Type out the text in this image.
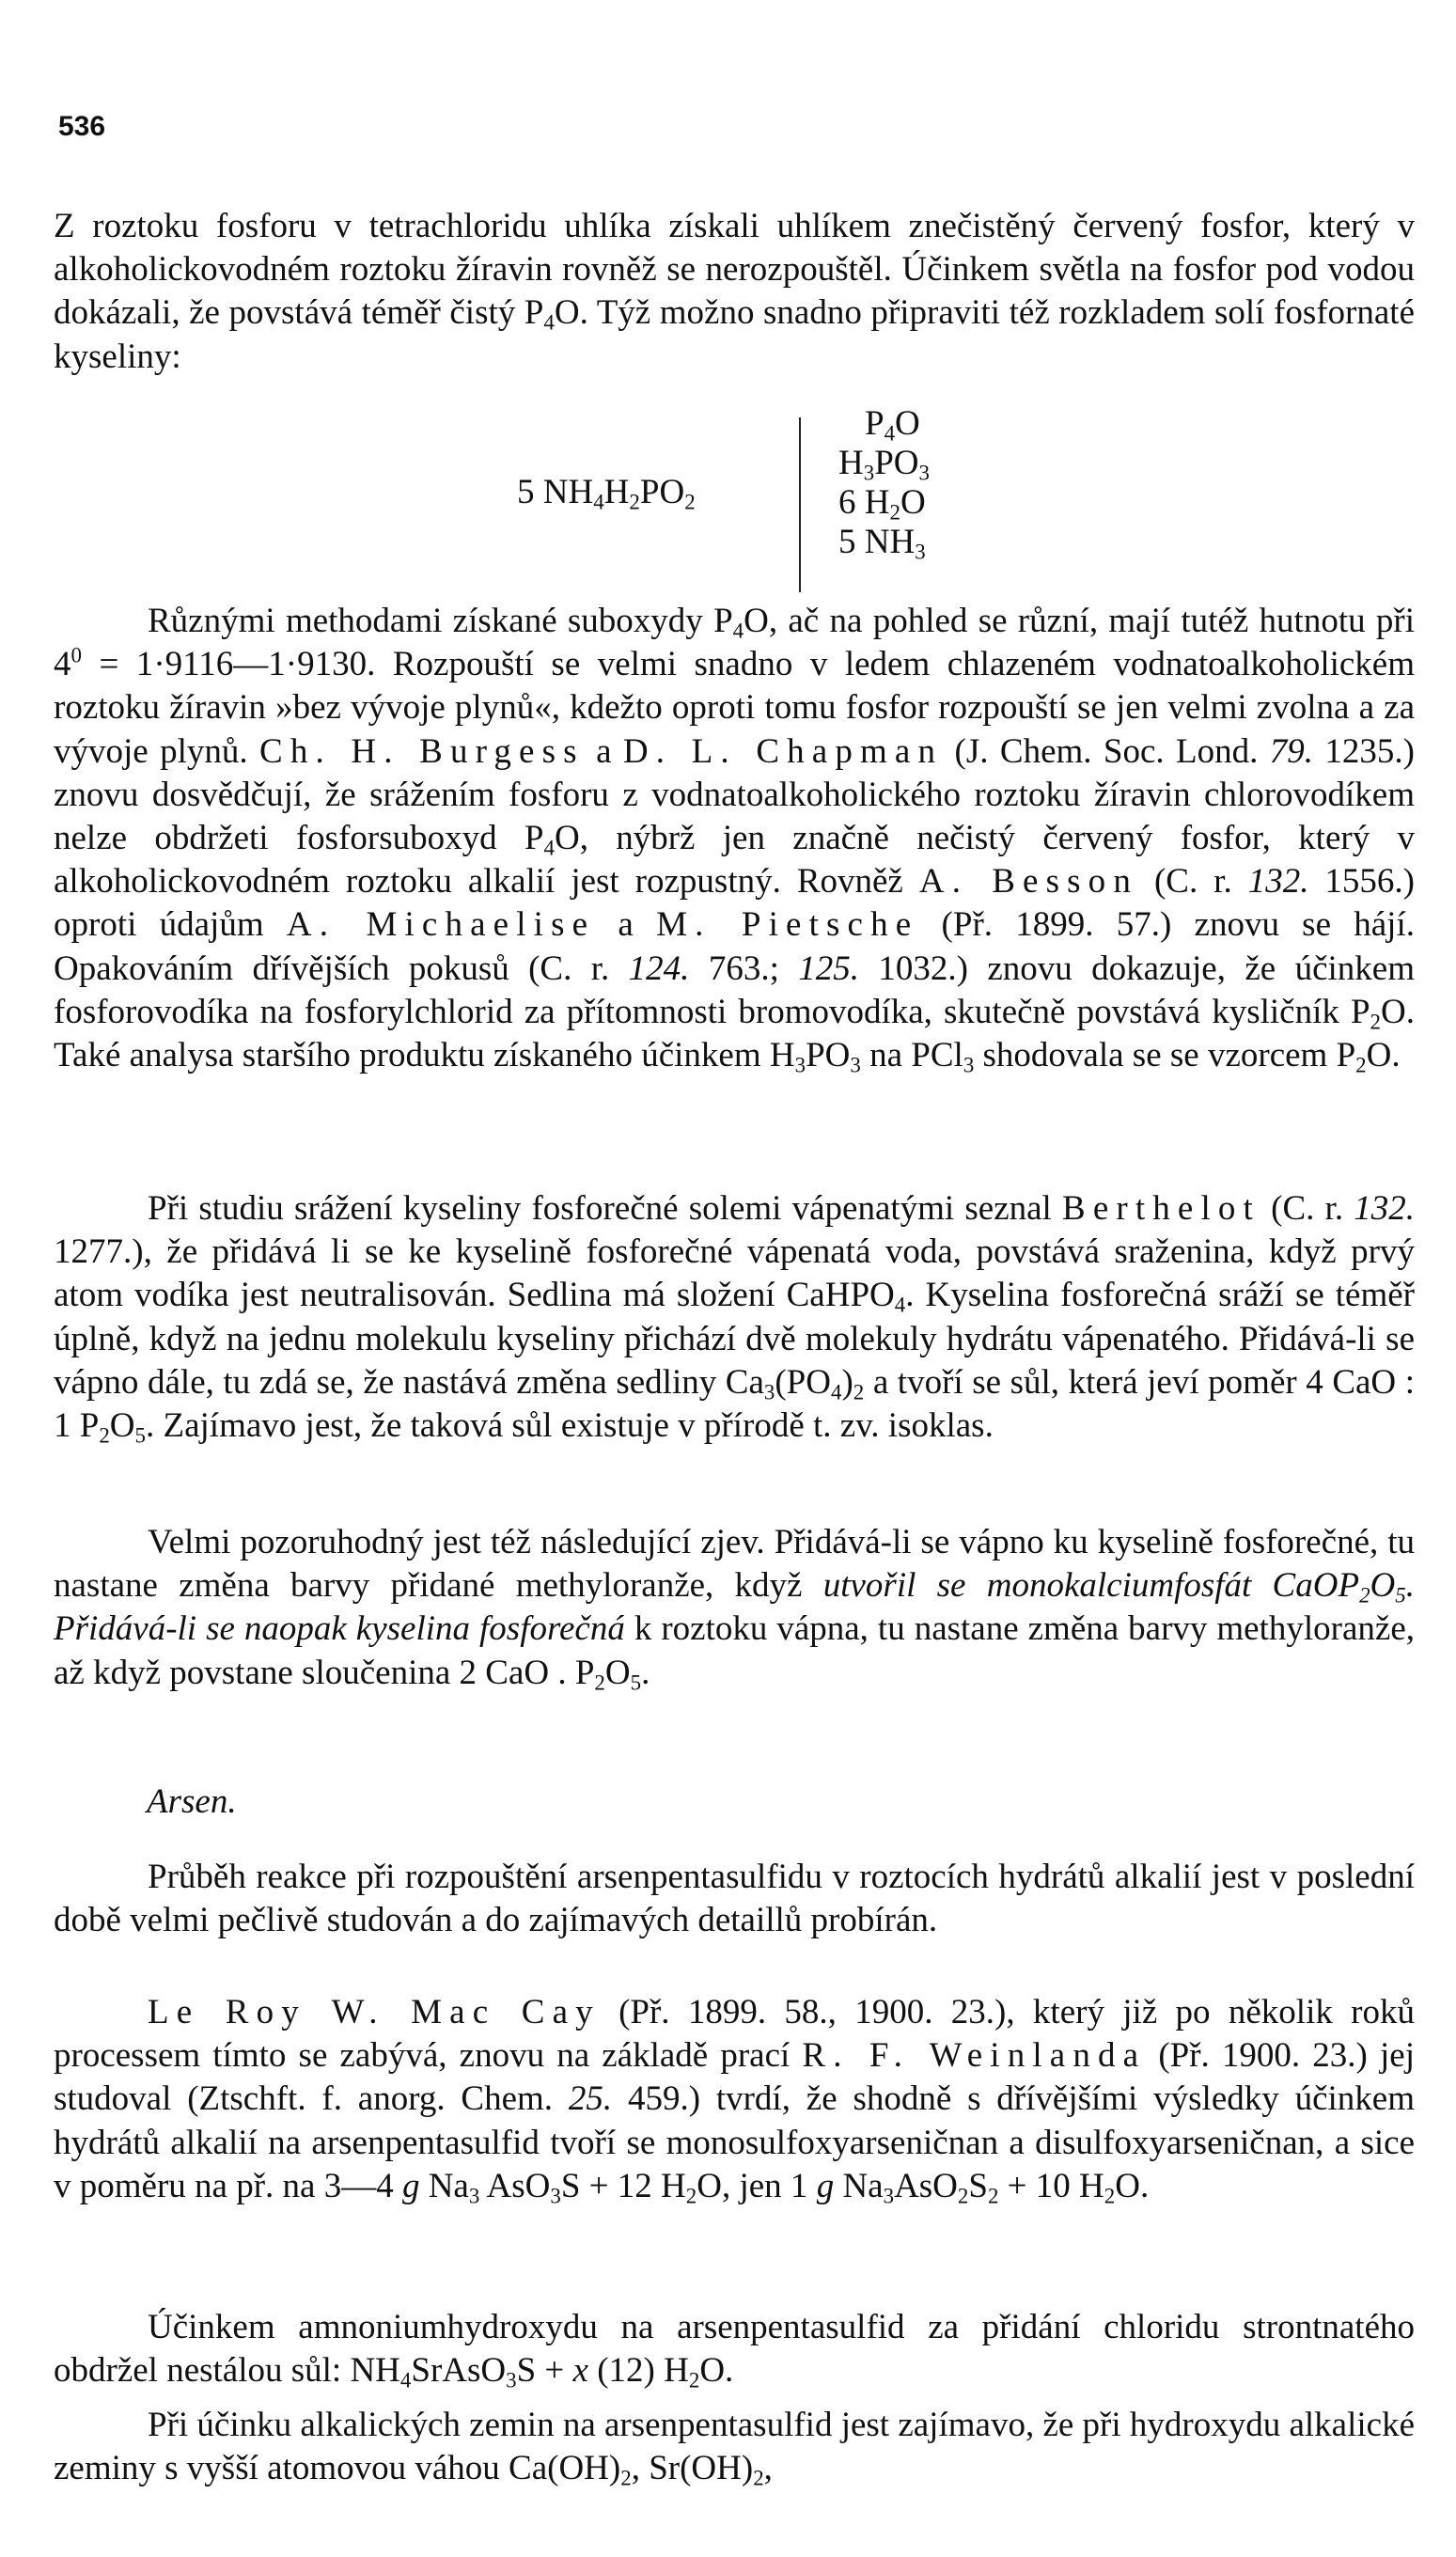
536

Z roztoku fosforu v tetrachloridu uhlíka získali uhlíkem znečistěný červený fosfor, který v alkoholickovodném roztoku žíravin rovněž se nerozpouštěl. Účinkem světla na fosfor pod vodou dokázali, že povstává téměř čistý $P_4O$. Týž možno snadno připraviti též rozkladem solí fosfornaté kyseliny:

5 $NH_4H_2PO_2$
$P_4O$
$H_3PO_3$
6 $H_2O$
5 $NH_3$

Různými methodami získané suboxydy $P_4O$, ač na pohled se různí, mají tutéž hutnotu při $4^0$ = 1·9116—1·9130. Rozpouští se velmi snadno v ledem chlazeném vodnatoalkoholickém roztoku žíravin »bez vývoje plynů«, kdežto oproti tomu fosfor rozpouští se jen velmi zvolna a za vývoje plynů. Ch. H. Burgess a D. L. Chapman (J. Chem. Soc. Lond. 79. 1235.) znovu dosvědčují, že srážením fosforu z vodnatoalkoholického roztoku žíravin chlorovodíkem nelze obdržeti fosforsuboxyd $P_4O$, nýbrž jen značně nečistý červený fosfor, který v alkoholickovodném roztoku alkalií jest rozpustný. Rovněž A. Besson (C. r. 132. 1556.) oproti údajům A. Michaelise a M. Pietsche (Př. 1899. 57.) znovu se hájí. Opakováním dřívějších pokusů (C. r. 124. 763.; 125. 1032.) znovu dokazuje, že účinkem fosforovodíka na fosforylchlorid za přítomnosti bromovodíka, skutečně povstává kysličník $P_2O$. Také analysa staršího produktu získaného účinkem $H_3PO_3$ na PCl$_3$ shodovala se se vzorcem $P_2O$.

Při studiu srážení kyseliny fosforečné solemi vápenatými seznal Berthelot (C. r. 132. 1277.), že přidává li se ke kyselině fosforečné vápenatá voda, povstává sraženina, když prvý atom vodíka jest neutralisován. Sedlina má složení CaHPO$_4$. Kyselina fosforečná sráží se téměř úplně, když na jednu molekulu kyseliny přichází dvě molekuly hydrátu vápenatého. Přidává-li se vápno dále, tu zdá se, že nastává změna sedliny $Ca_3(PO_4)_2$ a tvoří se sůl, která jeví poměr 4 CaO : 1 $P_2O_5$. Zajímavo jest, že taková sůl existuje v přírodě t. zv. isoklas.

Velmi pozoruhodný jest též následující zjev. Přidává-li se vápno ku kyselině fosforečné, tu nastane změna barvy přidané methyloranže, když utvořil se monokalciumfosfát $CaOP_2O_5$. Přidává-li se naopak kyselina fosforečná k roztoku vápna, tu nastane změna barvy methyloranže, až když povstane sloučenina 2 CaO . $P_2O_5$.

Arsen.

Průběh reakce při rozpouštění arsenpentasulfidu v roztocích hydrátů alkalií jest v poslední době velmi pečlivě studován a do zajímavých detaillů probírán.

Le Roy W. Mac Cay (Př. 1899. 58., 1900. 23.), který již po několik roků processem tímto se zabývá, znovu na základě prací R. F. Weinlanda (Př. 1900. 23.) jej studoval (Ztschft. f. anorg. Chem. 25. 459.) tvrdí, že shodně s dřívějšími výsledky účinkem hydrátů alkalií na arsenpentasulfid tvoří se monosulfoxyarseničnan a disulfoxyarseničnan, a sice v poměru na př. na 3—4 g $Na_3$ AsO$_3$S + 12 $H_2O$, jen 1 g $Na_3AsO_2S_2 + 10$ $H_2O$.

Účinkem amnoniumhydroxydu na arsenpentasulfid za přidání chloridu strontnatého obdržel nestálou sůl: $NH_4SrAsO_3S + x$ (12) $H_2O$.

Při účinku alkalických zemin na arsenpentasulfid jest zajímavo, že při hydroxydu alkalické zeminy s vyšší atomovou váhou $Ca(OH)_2$, $Sr(OH)_2$,
